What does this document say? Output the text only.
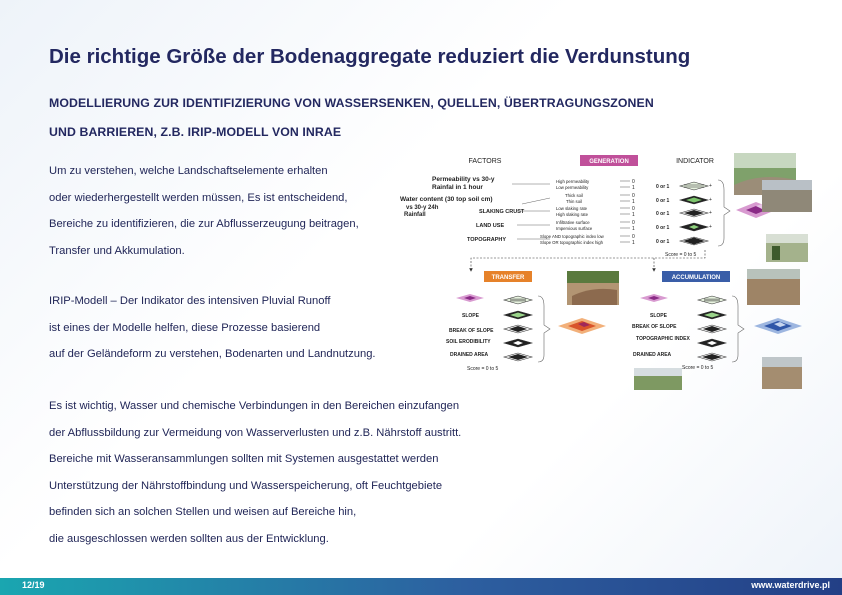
Die richtige Größe der Bodenaggregate reduziert die Verdunstung
MODELLIERUNG ZUR IDENTIFIZIERUNG VON WASSERSENKEN, QUELLEN, ÜBERTRAGUNGSZONEN
UND BARRIEREN, Z.B. IRIP-MODELL VON INRAE
Um zu verstehen, welche Landschaftselemente erhalten
oder wiederhergestellt werden müssen, Es ist entscheidend,
Bereiche zu identifizieren, die zur Abflusserzeugung beitragen,
Transfer und Akkumulation.
IRIP-Modell – Der Indikator des intensiven Pluvial Runoff
ist eines der Modelle helfen, diese Prozesse basierend
auf der Geländeform zu verstehen, Bodenarten und Landnutzung.
Es ist wichtig, Wasser und chemische Verbindungen in den Bereichen einzufangen
der Abflussbildung zur Vermeidung von Wasserverlusten und z.B. Nährstoff austritt.
Bereiche mit Wasseransammlungen sollten mit Systemen ausgestattet werden
Unterstützung der Nährstoffbindung und Wasserspeicherung, oft Feuchtgebiete
befinden sich an solchen Stellen und weisen auf Bereiche hin,
die ausgeschlossen werden sollten aus der Entwicklung.
FACTORS	GENERATION	INDICATOR
Permeability vs 30-y
Rainfal in 1 hour
Water content (30 top soil cm)
vs 30-y 24h
Rainfall	SLAKING CRUST
LAND USE
TOPOGRAPHY
High permeability
Low permeability
Thick soil
Thin soil
Low slaking rate
High slaking rate
Infiltrative surface
Impervious surface
Slope AND topographic index low
Slope OR topographic index high
0
1
0
1
0
1
0
1
0
1
0 or 1
0 or 1
0 or 1
0 or 1
0 or 1
+
+
+
+
Score = 0 to 5
TRANSFER
SLOPE
BREAK OF SLOPE
SOIL ERODIBILITY
DRAINED AREA
Score = 0 to 5
ACCUMULATION
SLOPE
BREAK OF SLOPE
TOPOGRAPHIC INDEX
DRAINED AREA
Score = 0 to 5
12/19	www.waterdrive.pl
